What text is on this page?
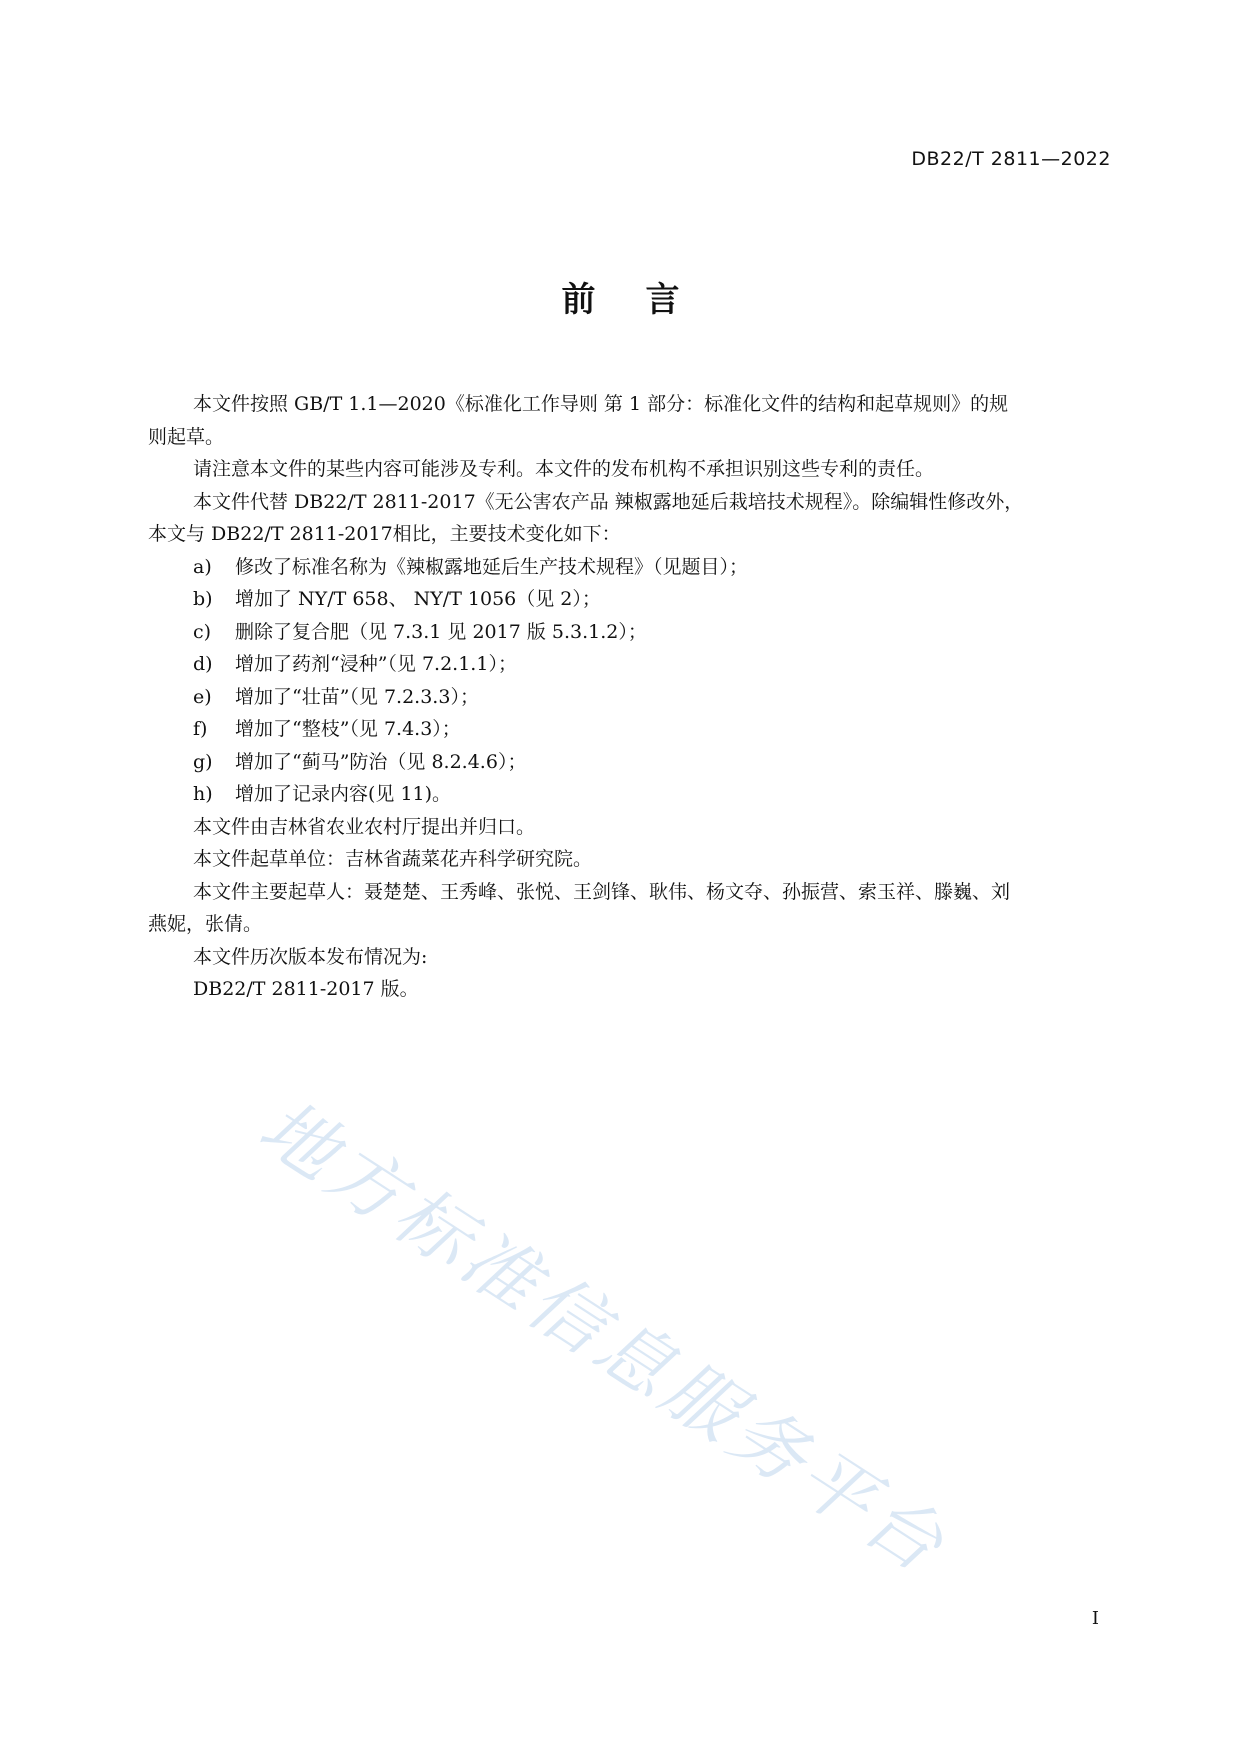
DB22/T 2811—2022
前言
本文件按照 GB/T 1.1—2020《标准化工作导则 第 1 部分：标准化文件的结构和起草规则》的规
则起草。
请注意本文件的某些内容可能涉及专利。本文件的发布机构不承担识别这些专利的责任。
本文件代替 DB22/T 2811-2017《无公害农产品 辣椒露地延后栽培技术规程》。除编辑性修改外，
本文与 DB22/T 2811-2017相比，主要技术变化如下：
a) 修改了标准名称为《辣椒露地延后生产技术规程》（见题目）；
b) 增加了 NY/T 658、 NY/T 1056（见 2）；
c) 删除了复合肥（见 7.3.1 见 2017 版 5.3.1.2）；
d) 增加了药剂“浸种”（见 7.2.1.1）；
e) 增加了“壮苗”（见 7.2.3.3）；
f) 增加了“整枝”（见 7.4.3）；
g) 增加了“蓟马”防治（见 8.2.4.6）；
h) 增加了记录内容(见 11)。
本文件由吉林省农业农村厅提出并归口。
本文件起草单位：吉林省蔬菜花卉科学研究院。
本文件主要起草人：聂楚楚、王秀峰、张悦、王剑锋、耿伟、杨文夺、孙振营、索玉祥、滕巍、刘
燕妮，张倩。
本文件历次版本发布情况为:
DB22/T 2811-2017 版。
地方标准信息服务平台
I
